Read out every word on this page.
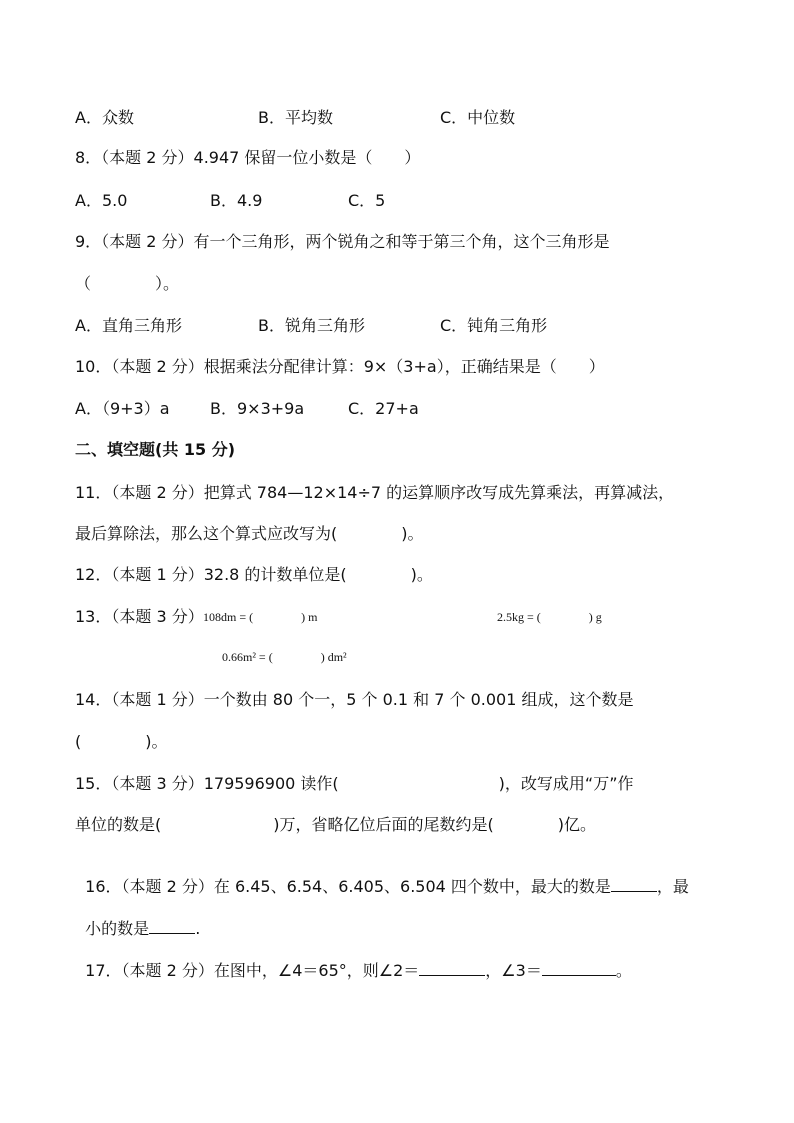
A．众数	B．平均数	C．中位数
8．（本题 2 分）4.947 保留一位小数是（　　）
A．5.0	B．4.9	C．5
9．（本题 2 分）有一个三角形，两个锐角之和等于第三个角，这个三角形是
（　　　　）。
A．直角三角形	B．锐角三角形	C．钝角三角形
10．（本题 2 分）根据乘法分配律计算：9×（3+a），正确结果是（　　）
A．（9+3）a	B．9×3+9a	C．27+a
二、填空题(共 15 分)
11．（本题 2 分）把算式 784—12×14÷7 的运算顺序改写成先算乘法，再算减法，
最后算除法，那么这个算式应改写为(　　　　)。
12．（本题 1 分）32.8 的计数单位是(　　　　)。
13．（本题 3 分） 108dm = (　　　　) m	2.5kg = (　　　　) g
0.66m² = (　　　　) dm²
14．（本题 1 分）一个数由 80 个一，5 个 0.1 和 7 个 0.001 组成，这个数是
(　　　　)。
15．（本题 3 分）179596900 读作(　　　　　　　　　　)，改写成用“万”作
单位的数是(　　　　　　　)万，省略亿位后面的尾数约是(　　　　)亿。

16．（本题 2 分）在 6.45、6.54、6.405、6.504 四个数中，最大的数是	，最

小的数是	.

17．（本题 2 分）在图中，∠4＝65°，则∠2＝	，∠3＝	。
